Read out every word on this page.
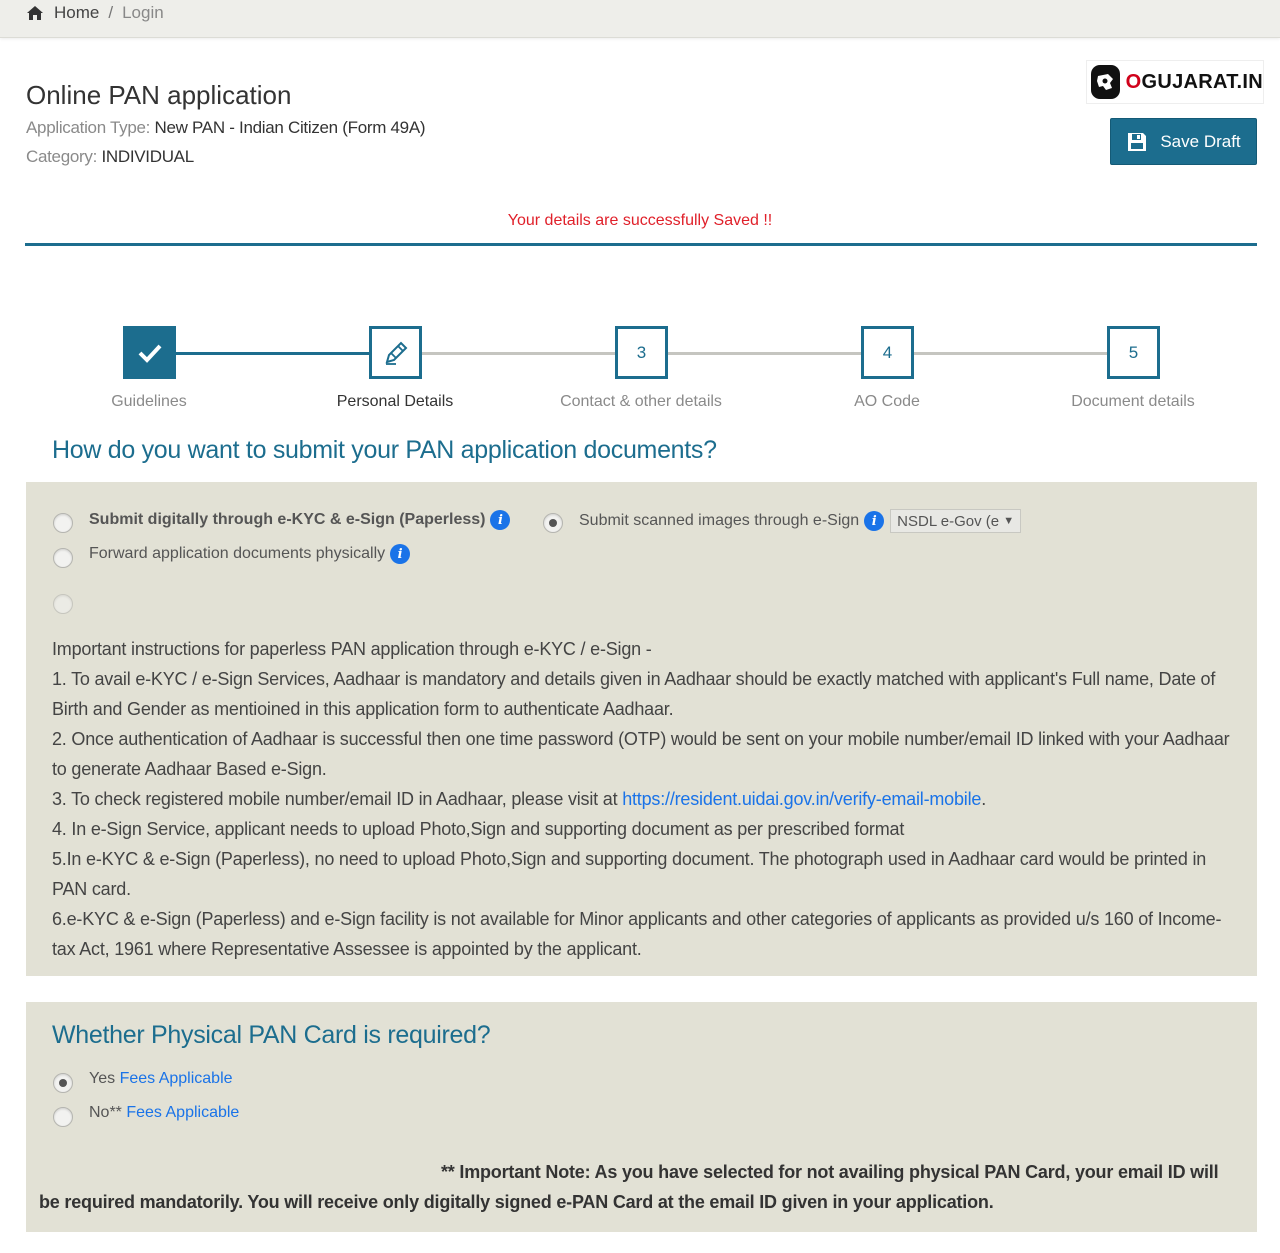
Home / Login
Online PAN application
Application Type: New PAN - Indian Citizen (Form 49A)
Category: INDIVIDUAL
OGUJARAT.IN
Save Draft
Your details are successfully Saved !!
3	4	5
Guidelines	Personal Details	Contact & other details	AO Code	Document details
How do you want to submit your PAN application documents?
Submit digitally through e-KYC & e-Sign (Paperless) i	Submit scanned images through e-Sign i	NSDL e-Gov (e ▼
Forward application documents physically i

Important instructions for paperless PAN application through e-KYC / e-Sign -

1. To avail e-KYC / e-Sign Services, Aadhaar is mandatory and details given in Aadhaar should be exactly matched with applicant's Full name, Date of Birth and Gender as mentioined in this application form to authenticate Aadhaar.

2. Once authentication of Aadhaar is successful then one time password (OTP) would be sent on your mobile number/email ID linked with your Aadhaar to generate Aadhaar Based e-Sign.

3. To check registered mobile number/email ID in Aadhaar, please visit at https://resident.uidai.gov.in/verify-email-mobile.

4. In e-Sign Service, applicant needs to upload Photo,Sign and supporting document as per prescribed format

5.In e-KYC & e-Sign (Paperless), no need to upload Photo,Sign and supporting document. The photograph used in Aadhaar card would be printed in PAN card.

6.e-KYC & e-Sign (Paperless) and e-Sign facility is not available for Minor applicants and other categories of applicants as provided u/s 160 of Income-tax Act, 1961 where Representative Assessee is appointed by the applicant.

Whether Physical PAN Card is required?
Yes
Fees Applicable
No**
Fees Applicable
** Important Note: As you have selected for not availing physical PAN Card, your email ID will be required mandatorily. You will receive only digitally signed e-PAN Card at the email ID given in your application.
